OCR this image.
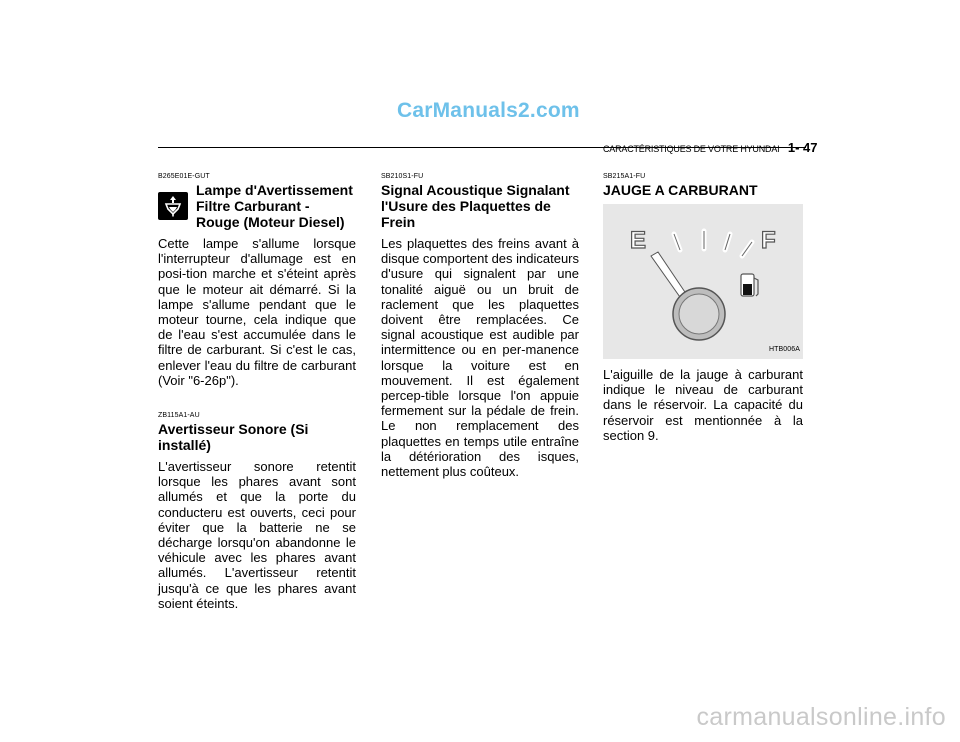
CarManuals2.com
CARACTÉRISTIQUES DE VOTRE HYUNDAI 1- 47
B265E01E-GUT
Lampe d'Avertissement Filtre Carburant - Rouge (Moteur Diesel)

Cette lampe s'allume lorsque l'interrupteur d'allumage est en posi-tion marche et s'éteint après que le moteur ait démarré. Si la lampe s'allume pendant que le moteur tourne, cela indique que de l'eau s'est accumulée dans le filtre de carburant. Si c'est le cas, enlever l'eau du filtre de carburant (Voir "6-26p").

ZB115A1-AU
Avertisseur Sonore (Si installé)

L'avertisseur sonore retentit lorsque les phares avant sont allumés et que la porte du conducteru est ouverts, ceci pour éviter que la batterie ne se décharge lorsqu'on abandonne le véhicule avec les phares avant allumés. L'avertisseur retentit jusqu'à ce que les phares avant soient éteints.

SB210S1-FU
Signal Acoustique Signalant l'Usure des Plaquettes de Frein

Les plaquettes des freins avant à disque comportent des indicateurs d'usure qui signalent par une tonalité aiguë ou un bruit de raclement que les plaquettes doivent être remplacées. Ce signal acoustique est audible par intermittence ou en per-manence lorsque la voiture est en mouvement. Il est également percep-tible lorsque l'on appuie fermement sur la pédale de frein. Le non remplacement des plaquettes en temps utile entraîne la détérioration des isques, nettement plus coûteux.

SB215A1-FU
JAUGE A CARBURANT
E	F
HTB006A

L'aiguille de la jauge à carburant indique le niveau de carburant dans le réservoir. La capacité du réservoir est mentionnée à la section 9.

carmanualsonline.info
